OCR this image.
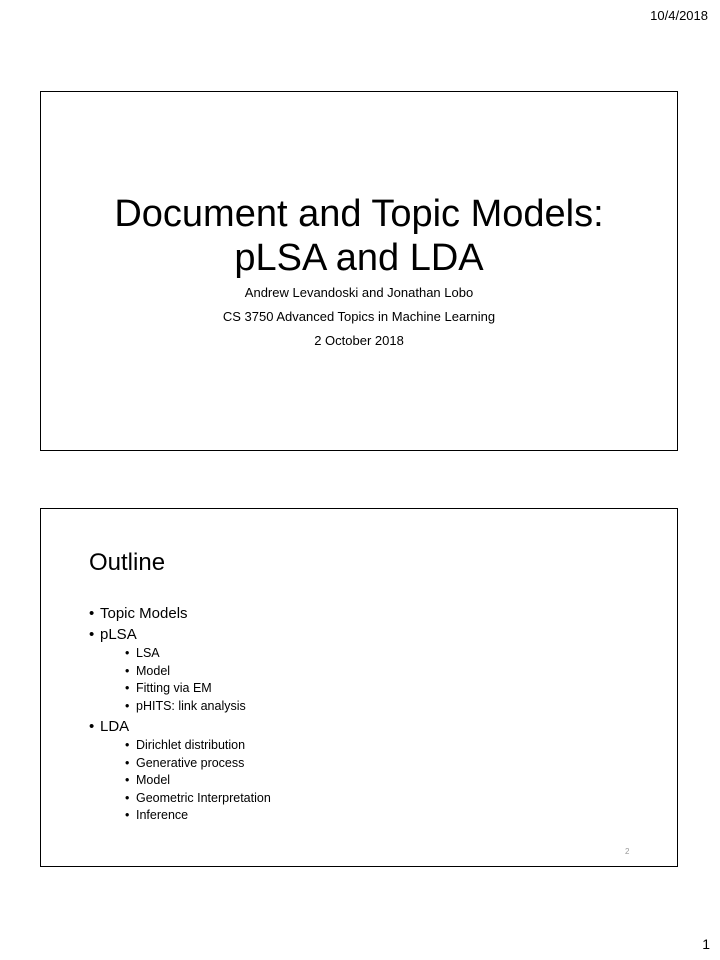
10/4/2018
Document and Topic Models:
pLSA and LDA
Andrew Levandoski and Jonathan Lobo
CS 3750 Advanced Topics in Machine Learning
2 October 2018
Outline
• Topic Models
• pLSA
• LSA
• Model
• Fitting via EM
• pHITS: link analysis
• LDA
• Dirichlet distribution
• Generative process
• Model
• Geometric Interpretation
• Inference
2
1
